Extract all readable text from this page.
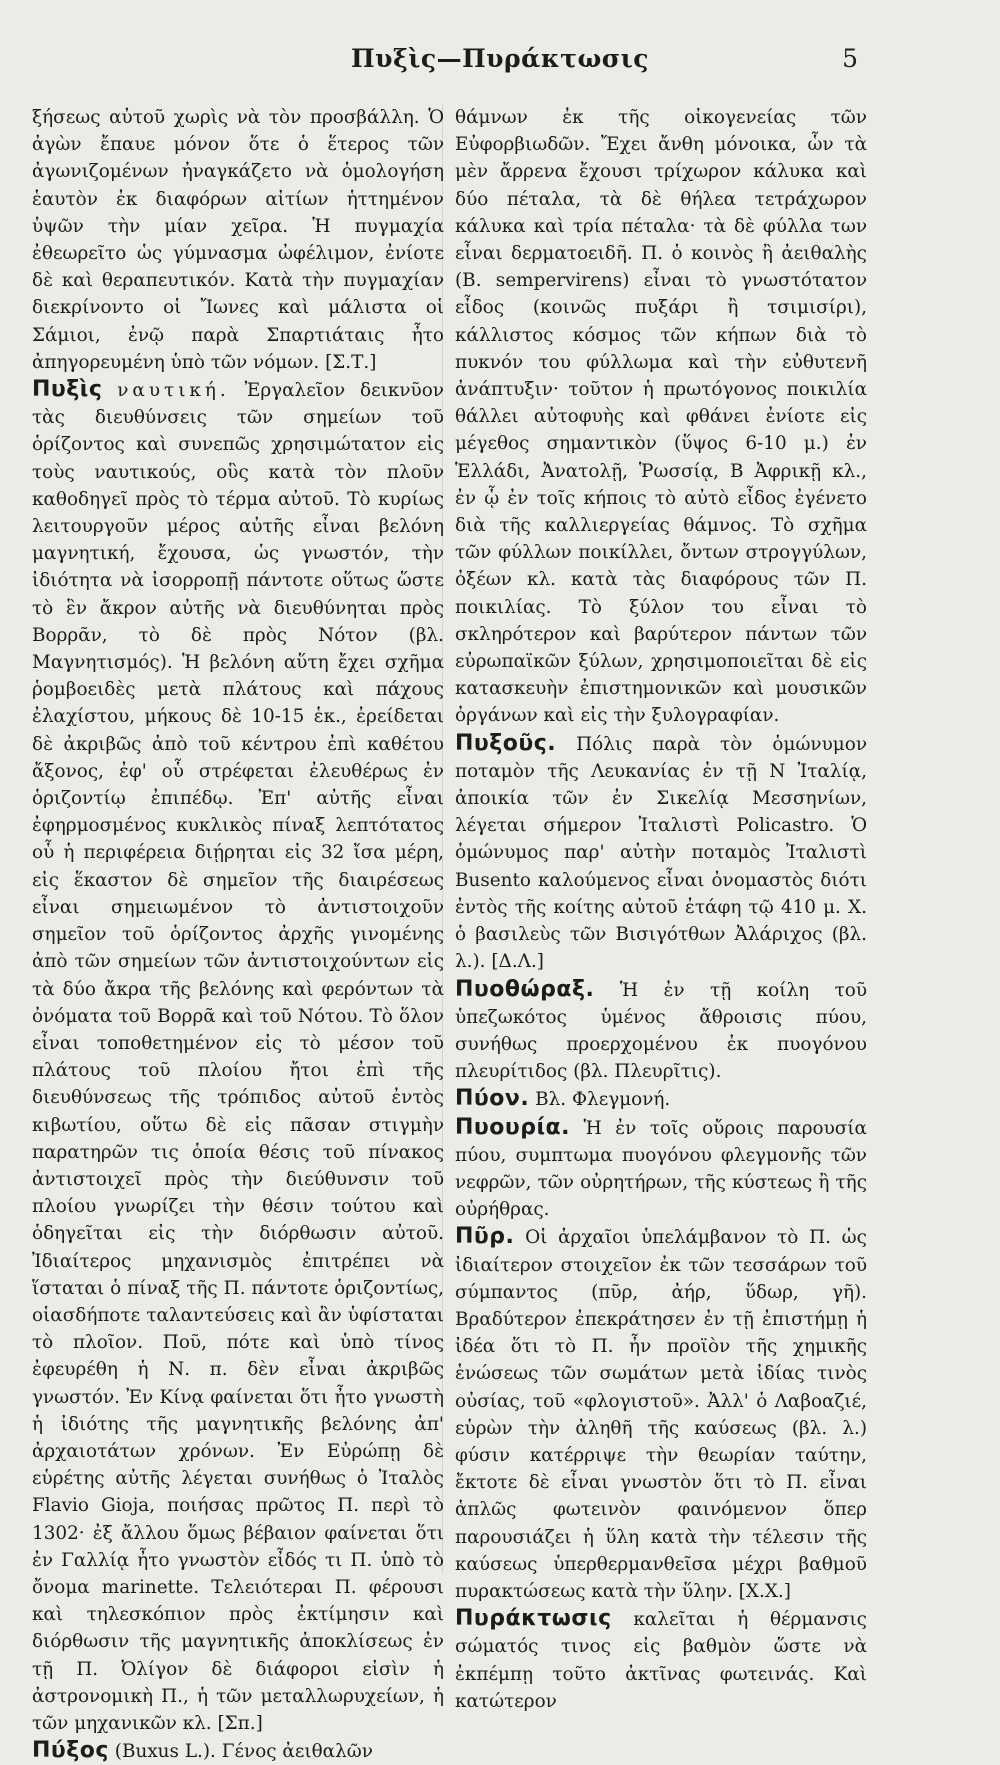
Πυξὶς—Πυράκτωσις	5

ξήσεως αὐτοῦ χωρὶς νὰ τὸν προσβάλλη. Ὁ ἀγὼν ἔπαυε μόνον ὅτε ὁ ἕτερος τῶν ἀγωνιζομένων ἠναγκάζετο νὰ ὁμολογήση ἑαυτὸν ἐκ διαφόρων αἰτίων ἡττημένον ὑψῶν τὴν μίαν χεῖρα. Ἡ πυγμαχία ἐθεωρεῖτο ὡς γύμνασμα ὠφέλιμον, ἐνίοτε δὲ καὶ θεραπευτικόν. Κατὰ τὴν πυγμαχίαν διεκρίνοντο οἱ Ἴωνες καὶ μάλιστα οἱ Σάμιοι, ἐνῷ παρὰ Σπαρτιάταις ἦτο ἀπηγορευμένη ὑπὸ τῶν νόμων. [Σ.Τ.]

Πυξὶς ναυτική. Ἐργαλεῖον δεικνῦον τὰς διευθύνσεις τῶν σημείων τοῦ ὁρίζοντος καὶ συνεπῶς χρησιμώτατον εἰς τοὺς ναυτικούς, οὓς κατὰ τὸν πλοῦν καθοδηγεῖ πρὸς τὸ τέρμα αὐτοῦ. Τὸ κυρίως λειτουργοῦν μέρος αὐτῆς εἶναι βελόνη μαγνητική, ἔχουσα, ὡς γνωστόν, τὴν ἰδιότητα νὰ ἰσορροπῇ πάντοτε οὕτως ὥστε τὸ ἓν ἄκρον αὐτῆς νὰ διευθύνηται πρὸς Βορρᾶν, τὸ δὲ πρὸς Νότον (βλ. Μαγνητισμός). Ἡ βελόνη αὕτη ἔχει σχῆμα ῥομβοειδὲς μετὰ πλάτους καὶ πάχους ἐλαχίστου, μήκους δὲ 10-15 ἑκ., ἐρείδεται δὲ ἀκριβῶς ἀπὸ τοῦ κέντρου ἐπὶ καθέτου ἄξονος, ἐφ' οὗ στρέφεται ἐλευθέρως ἐν ὁριζοντίῳ ἐπιπέδῳ. Ἐπ' αὐτῆς εἶναι ἐφηρμοσμένος κυκλικὸς πίναξ λεπτότατος οὗ ἡ περιφέρεια διῄρηται εἰς 32 ἴσα μέρη, εἰς ἕκαστον δὲ σημεῖον τῆς διαιρέσεως εἶναι σημειωμένον τὸ ἀντιστοιχοῦν σημεῖον τοῦ ὁρίζοντος ἀρχῆς γινομένης ἀπὸ τῶν σημείων τῶν ἀντιστοιχούντων εἰς τὰ δύο ἄκρα τῆς βελόνης καὶ φερόντων τὰ ὀνόματα τοῦ Βορρᾶ καὶ τοῦ Νότου. Τὸ ὅλον εἶναι τοποθετημένον εἰς τὸ μέσον τοῦ πλάτους τοῦ πλοίου ἤτοι ἐπὶ τῆς διευθύνσεως τῆς τρόπιδος αὐτοῦ ἐντὸς κιβωτίου, οὕτω δὲ εἰς πᾶσαν στιγμὴν παρατηρῶν τις ὁποία θέσις τοῦ πίνακος ἀντιστοιχεῖ πρὸς τὴν διεύθυνσιν τοῦ πλοίου γνωρίζει τὴν θέσιν τούτου καὶ ὁδηγεῖται εἰς τὴν διόρθωσιν αὐτοῦ. Ἰδιαίτερος μηχανισμὸς ἐπιτρέπει νὰ ἵσταται ὁ πίναξ τῆς Π. πάντοτε ὁριζοντίως, οἱασδήποτε ταλαντεύσεις καὶ ἂν ὑφίσταται τὸ πλοῖον. Ποῦ, πότε καὶ ὑπὸ τίνος ἐφευρέθη ἡ Ν. π. δὲν εἶναι ἀκριβῶς γνωστόν. Ἐν Κίνᾳ φαίνεται ὅτι ἦτο γνωστὴ ἡ ἰδιότης τῆς μαγνητικῆς βελόνης ἀπ' ἀρχαιοτάτων χρόνων. Ἐν Εὐρώπῃ δὲ εὑρέτης αὐτῆς λέγεται συνήθως ὁ Ἰταλὸς Flavio Gioja, ποιήσας πρῶτος Π. περὶ τὸ 1302· ἐξ ἄλλου ὅμως βέβαιον φαίνεται ὅτι ἐν Γαλλίᾳ ἦτο γνωστὸν εἶδός τι Π. ὑπὸ τὸ ὄνομα marinette. Τελειότεραι Π. φέρουσι καὶ τηλεσκόπιον πρὸς ἐκτίμησιν καὶ διόρθωσιν τῆς μαγνητικῆς ἀποκλίσεως ἐν τῇ Π. Ὀλίγον δὲ διάφοροι εἰσὶν ἡ ἀστρονομικὴ Π., ἡ τῶν μεταλλωρυχείων, ἡ τῶν μηχανικῶν κλ. [Σπ.]

Πύξος (Buxus L.). Γένος ἀειθαλῶν

θάμνων ἐκ τῆς οἰκογενείας τῶν Εὐφορβιωδῶν. Ἔχει ἄνθη μόνοικα, ὧν τὰ μὲν ἄρρενα ἔχουσι τρίχωρον κάλυκα καὶ δύο πέταλα, τὰ δὲ θήλεα τετράχωρον κάλυκα καὶ τρία πέταλα· τὰ δὲ φύλλα των εἶναι δερματοειδῆ. Π. ὁ κοινὸς ἢ ἀειθαλὴς (Β. sempervirens) εἶναι τὸ γνωστότατον εἶδος (κοινῶς πυξάρι ἢ τσιμισίρι), κάλλιστος κόσμος τῶν κήπων διὰ τὸ πυκνόν του φύλλωμα καὶ τὴν εὐθυτενῆ ἀνάπτυξιν· τοῦτον ἡ πρωτόγονος ποικιλία θάλλει αὐτοφυὴς καὶ φθάνει ἐνίοτε εἰς μέγεθος σημαντικὸν (ὕψος 6-10 μ.) ἐν Ἑλλάδι, Ἀνατολῇ, Ῥωσσίᾳ, Β Ἀφρικῇ κλ., ἐν ᾧ ἐν τοῖς κήποις τὸ αὐτὸ εἶδος ἐγένετο διὰ τῆς καλλιεργείας θάμνος. Τὸ σχῆμα τῶν φύλλων ποικίλλει, ὄντων στρογγύλων, ὀξέων κλ. κατὰ τὰς διαφόρους τῶν Π. ποικιλίας. Τὸ ξύλον του εἶναι τὸ σκληρότερον καὶ βαρύτερον πάντων τῶν εὐρωπαϊκῶν ξύλων, χρησιμοποιεῖται δὲ εἰς κατασκευὴν ἐπιστημονικῶν καὶ μουσικῶν ὀργάνων καὶ εἰς τὴν ξυλογραφίαν.

Πυξοῦς. Πόλις παρὰ τὸν ὁμώνυμον ποταμὸν τῆς Λευκανίας ἐν τῇ Ν Ἰταλίᾳ, ἀποικία τῶν ἐν Σικελίᾳ Μεσσηνίων, λέγεται σήμερον Ἰταλιστὶ Policastro. Ὁ ὁμώνυμος παρ' αὐτὴν ποταμὸς Ἰταλιστὶ Busento καλούμενος εἶναι ὀνομαστὸς διότι ἐντὸς τῆς κοίτης αὐτοῦ ἐτάφη τῷ 410 μ. Χ. ὁ βασιλεὺς τῶν Βισιγότθων Ἀλάριχος (βλ. λ.). [Δ.Λ.]

Πυοθώραξ. Ἡ ἐν τῇ κοίλη τοῦ ὑπεζωκότος ὑμένος ἄθροισις πύου, συνήθως προερχομένου ἐκ πυογόνου πλευρίτιδος (βλ. Πλευρῖτις).

Πύον. Βλ. Φλεγμονή.

Πυουρία. Ἡ ἐν τοῖς οὔροις παρουσία πύου, συμπτωμα πυογόνου φλεγμονῆς τῶν νεφρῶν, τῶν οὐρητήρων, τῆς κύστεως ἢ τῆς οὐρήθρας.

Πῦρ. Οἱ ἀρχαῖοι ὑπελάμβανον τὸ Π. ὡς ἰδιαίτερον στοιχεῖον ἐκ τῶν τεσσάρων τοῦ σύμπαντος (πῦρ, ἀήρ, ὕδωρ, γῆ). Βραδύτερον ἐπεκράτησεν ἐν τῇ ἐπιστήμῃ ἡ ἰδέα ὅτι τὸ Π. ἦν προϊὸν τῆς χημικῆς ἑνώσεως τῶν σωμάτων μετὰ ἰδίας τινὸς οὐσίας, τοῦ «φλογιστοῦ». Ἀλλ' ὁ Λαβοαζιέ, εὑρὼν τὴν ἀληθῆ τῆς καύσεως (βλ. λ.) φύσιν κατέρριψε τὴν θεωρίαν ταύτην, ἔκτοτε δὲ εἶναι γνωστὸν ὅτι τὸ Π. εἶναι ἁπλῶς φωτεινὸν φαινόμενον ὅπερ παρουσιάζει ἡ ὕλη κατὰ τὴν τέλεσιν τῆς καύσεως ὑπερθερμανθεῖσα μέχρι βαθμοῦ πυρακτώσεως κατὰ τὴν ὕλην. [Χ.Χ.]

Πυράκτωσις καλεῖται ἡ θέρμανσις σώματός τινος εἰς βαθμὸν ὥστε νὰ ἐκπέμπῃ τοῦτο ἀκτῖνας φωτεινάς. Καὶ κατώτερον
